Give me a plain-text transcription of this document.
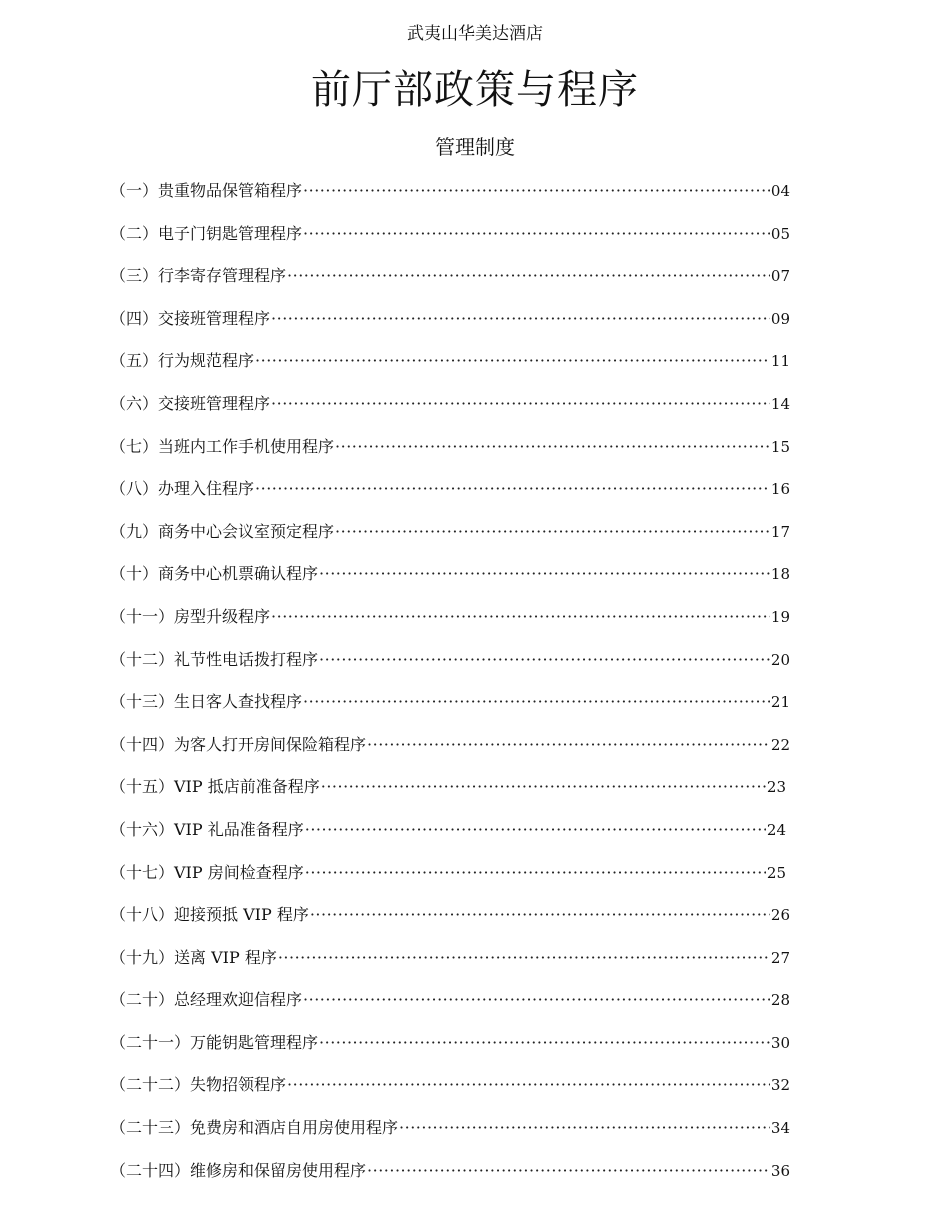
武夷山华美达酒店
前厅部政策与程序
管理制度
（一）贵重物品保管箱程序 ·····	04
（二）电子门钥匙管理程序 ·····	05
（三）行李寄存管理程序 ·····	07
（四）交接班管理程序 ·····	09
（五）行为规范程序 ·····	11
（六）交接班管理程序 ·····	14
（七）当班内工作手机使用程序 ·····	15
（八）办理入住程序 ·····	16
（九）商务中心会议室预定程序 ·····	17
（十）商务中心机票确认程序 ·····	18
（十一）房型升级程序 ·····	19
（十二）礼节性电话拨打程序 ·····	20
（十三）生日客人查找程序 ·····	21
（十四）为客人打开房间保险箱程序 ·····	22
（十五）VIP 抵店前准备程序 ·····	23
（十六）VIP 礼品准备程序 ·····	24
（十七）VIP 房间检查程序 ·····	25
（十八）迎接预抵 VIP 程序 ·····	26
（十九）送离 VIP 程序 ·····	27
（二十）总经理欢迎信程序 ·····	28
（二十一）万能钥匙管理程序 ·····	30
（二十二）失物招领程序 ·····	32
（二十三）免费房和酒店自用房使用程序 ·····	34
（二十四）维修房和保留房使用程序 ·····	36
